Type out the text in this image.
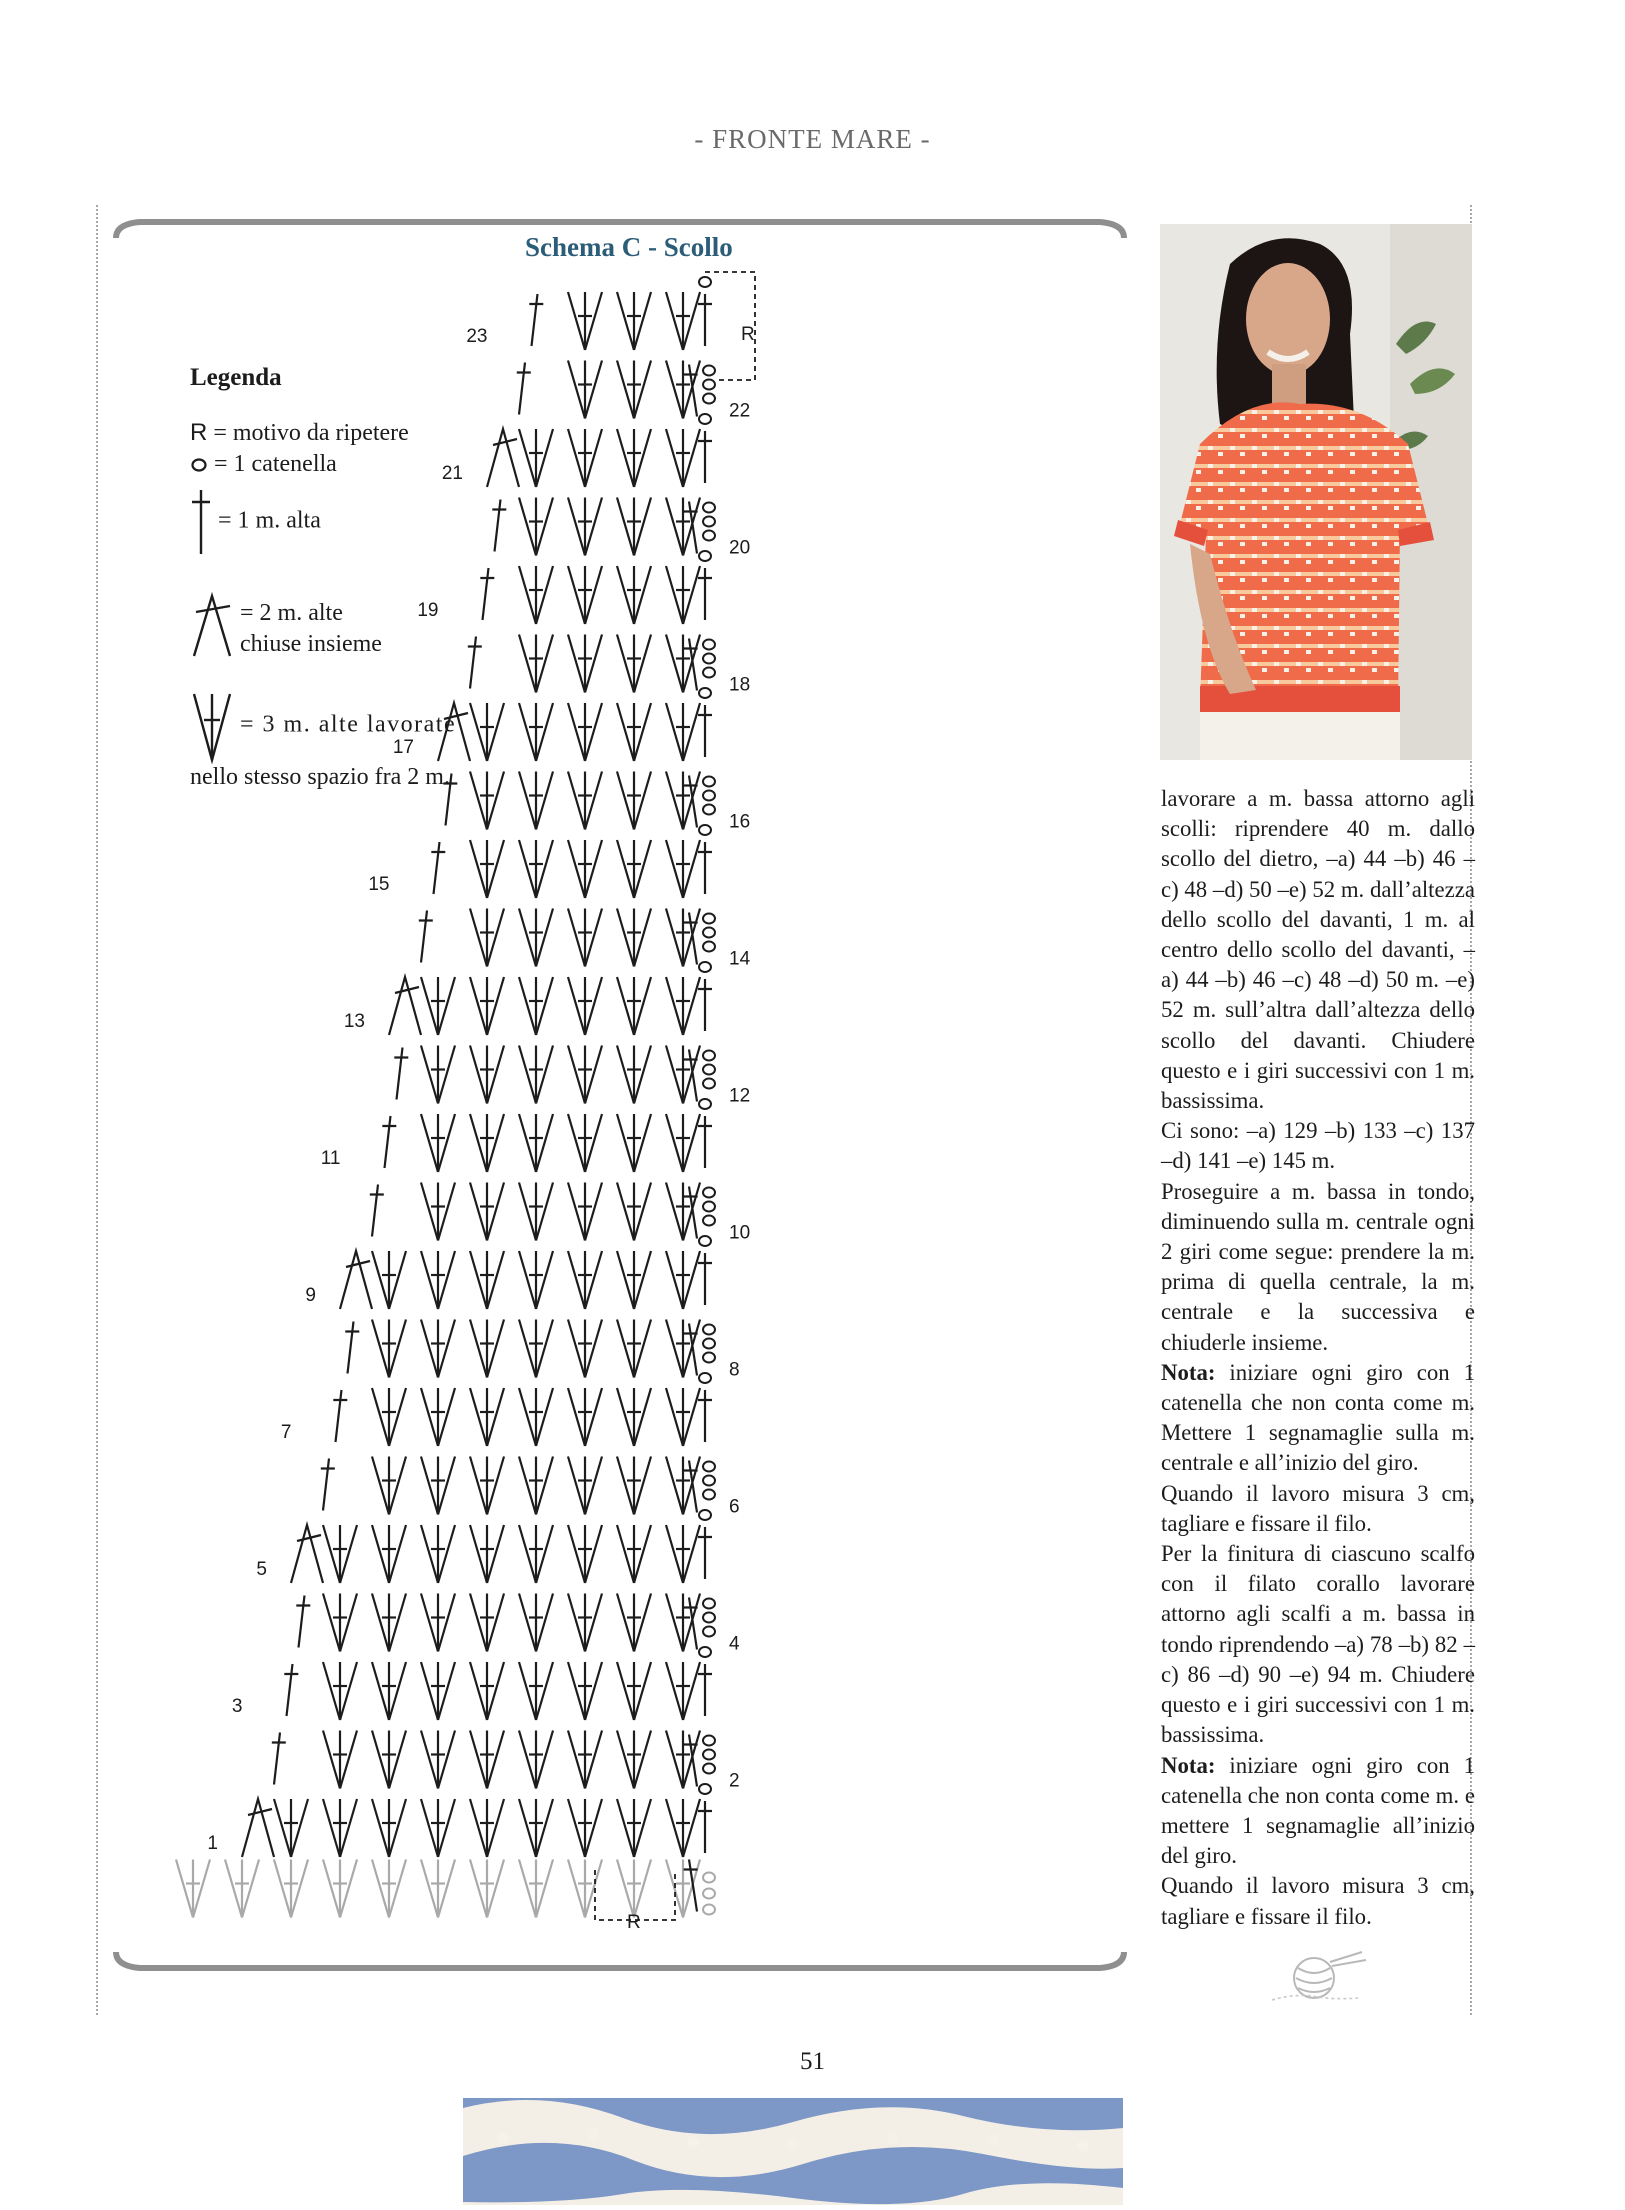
- FRONTE MARE -
Schema C - Scollo
Legenda
R = motivo da ripetere
= 1 catenella
= 1 m. alta
= 2 m. alte
chiuse insieme
= 3 m. alte lavorate
nello stesso spazio fra 2 m.
R
R
1
3
5
7
9
11
13
15
17
19
21
23
2
4
6
8
10
12
14
16
18
20
22

lavorare a m. bassa attorno agli scolli: riprendere 40 m. dallo scollo del dietro, –a) 44 –b) 46 –c) 48 –d) 50 –e) 52 m. dall’altezza dello scollo del davanti, 1 m. al centro dello scollo del davanti, –a) 44 –b) 46 –c) 48 –d) 50 m. –e) 52 m. sull’altra dall’altezza dello scollo del davanti. Chiudere questo e i giri successivi con 1 m. bassissima.

Ci sono: –a) 129 –b) 133 –c) 137 –d) 141 –e) 145 m.

Proseguire a m. bassa in tondo, diminuendo sulla m. centrale ogni 2 giri come segue: prendere la m. prima di quella centrale, la m. centrale e la successiva e chiuderle insieme.

Nota: iniziare ogni giro con 1 catenella che non conta come m. Mettere 1 segnamaglie sulla m. centrale e all’inizio del giro.

Quando il lavoro misura 3 cm, tagliare e fissare il filo.

Per la finitura di ciascuno scalfo con il filato corallo lavorare attorno agli scalfi a m. bassa in tondo riprendendo –a) 78 –b) 82 –c) 86 –d) 90 –e) 94 m. Chiudere questo e i giri successivi con 1 m. bassissima.

Nota: iniziare ogni giro con 1 catenella che non conta come m. e mettere 1 segnamaglie all’inizio del giro.

Quando il lavoro misura 3 cm, tagliare e fissare il filo.

51
